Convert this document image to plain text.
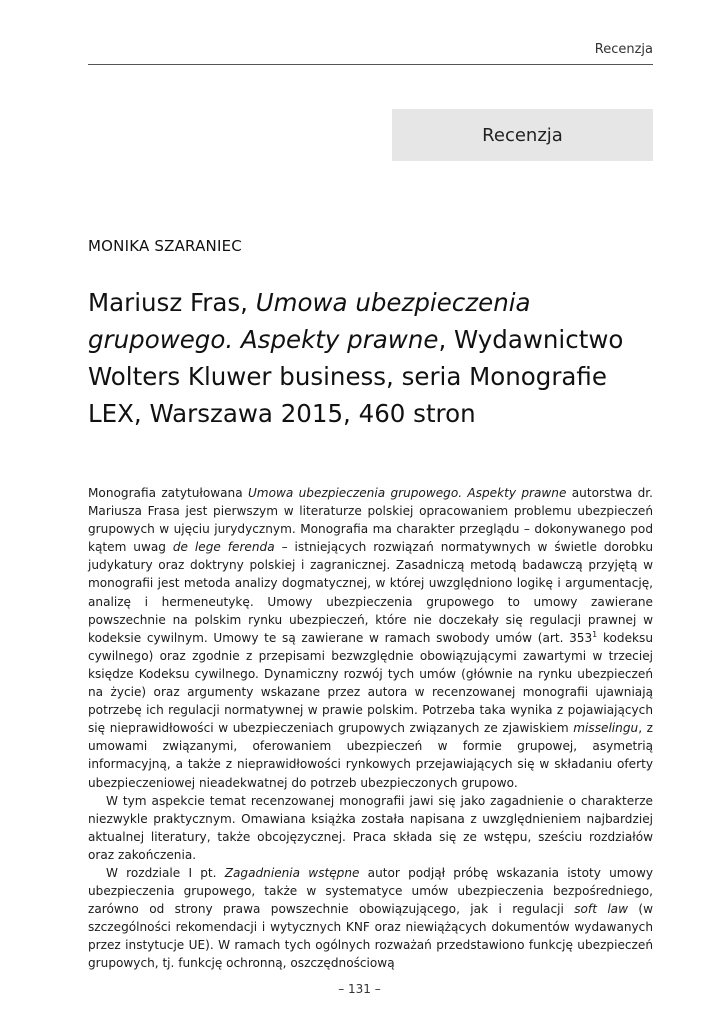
Recenzja
Recenzja
MONIKA SZARANIEC
Mariusz Fras, Umowa ubezpieczenia grupowego. Aspekty prawne, Wydawnictwo Wolters Kluwer business, seria Monografie LEX, Warszawa 2015, 460 stron

Monografia zatytułowana Umowa ubezpieczenia grupowego. Aspekty prawne autorstwa dr. Mariusza Frasa jest pierwszym w literaturze polskiej opracowaniem problemu ubezpieczeń grupowych w ujęciu jurydycznym. Monografia ma charakter przeglądu – dokonywanego pod kątem uwag de lege ferenda – istniejących rozwiązań normatywnych w świetle dorobku judykatury oraz doktryny polskiej i zagranicznej. Zasadniczą metodą badawczą przyjętą w monografii jest metoda analizy dogmatycznej, w której uwzględniono logikę i argumentację, analizę i hermeneutykę. Umowy ubezpieczenia grupowego to umowy zawierane powszechnie na polskim rynku ubezpieczeń, które nie doczekały się regulacji prawnej w kodeksie cywilnym. Umowy te są zawierane w ramach swobody umów (art. $353^1$ kodeksu cywilnego) oraz zgodnie z przepisami bezwzględnie obowiązującymi zawartymi w trzeciej księdze Kodeksu cywilnego. Dynamiczny rozwój tych umów (głównie na rynku ubezpieczeń na życie) oraz argumenty wskazane przez autora w recenzowanej monografii ujawniają potrzebę ich regulacji normatywnej w prawie polskim. Potrzeba taka wynika z pojawiających się nieprawidłowości w ubezpieczeniach grupowych związanych ze zjawiskiem misselingu, z umowami związanymi, oferowaniem ubezpieczeń w formie grupowej, asymetrią informacyjną, a także z nieprawidłowości rynkowych przejawiających się w składaniu oferty ubezpieczeniowej nieadekwatnej do potrzeb ubezpieczonych grupowo.

W tym aspekcie temat recenzowanej monografii jawi się jako zagadnienie o charakterze niezwykle praktycznym. Omawiana książka została napisana z uwzględnieniem najbardziej aktualnej literatury, także obcojęzycznej. Praca składa się ze wstępu, sześciu rozdziałów oraz zakończenia.

W rozdziale I pt. Zagadnienia wstępne autor podjął próbę wskazania istoty umowy ubezpieczenia grupowego, także w systematyce umów ubezpieczenia bezpośredniego, zarówno od strony prawa powszechnie obowiązującego, jak i regulacji soft law (w szczególności rekomendacji i wytycznych KNF oraz niewiążących dokumentów wydawanych przez instytucje UE). W ramach tych ogólnych rozważań przedstawiono funkcję ubezpieczeń grupowych, tj. funkcję ochronną, oszczędnościową

– 131 –
